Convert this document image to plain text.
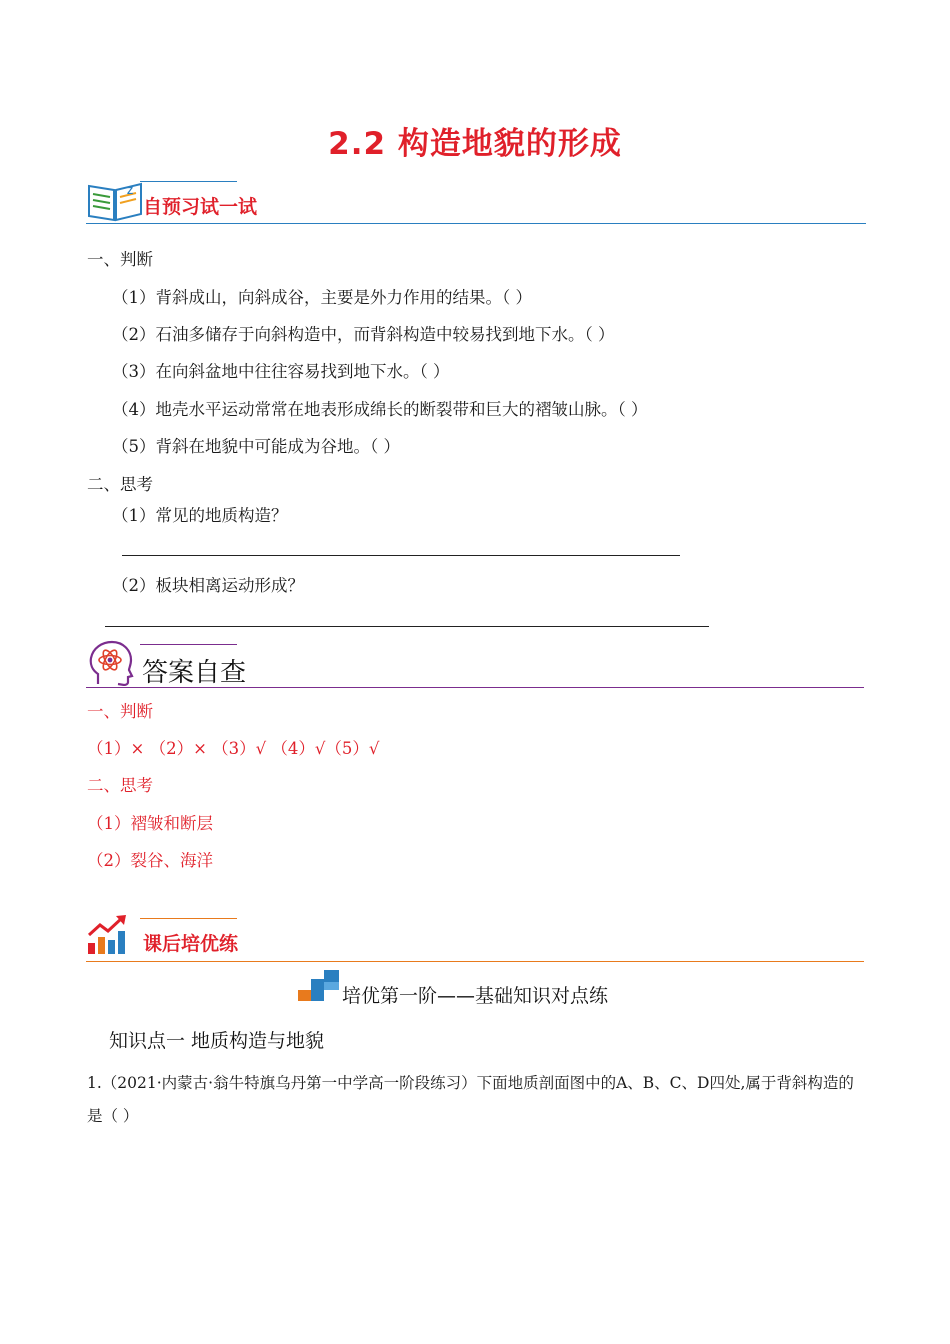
2.2 构造地貌的形成
Z
自预习试一试
一、判断
（1）背斜成山，向斜成谷，主要是外力作用的结果。（ ）
（2）石油多储存于向斜构造中，而背斜构造中较易找到地下水。（ ）
（3）在向斜盆地中往往容易找到地下水。（ ）
（4）地壳水平运动常常在地表形成绵长的断裂带和巨大的褶皱山脉。（ ）
（5）背斜在地貌中可能成为谷地。（ ）
二、思考
（1）常见的地质构造？
（2）板块相离运动形成？
答案自查
一、判断
（1）× （2）× （3）√ （4）√（5）√
二、思考
（1）褶皱和断层
（2）裂谷、海洋
课后培优练
培优第一阶——基础知识对点练
知识点一 地质构造与地貌
1.（2021·内蒙古·翁牛特旗乌丹第一中学高一阶段练习）下面地质剖面图中的A、B、C、D四处,属于背斜构造的是（ ）
